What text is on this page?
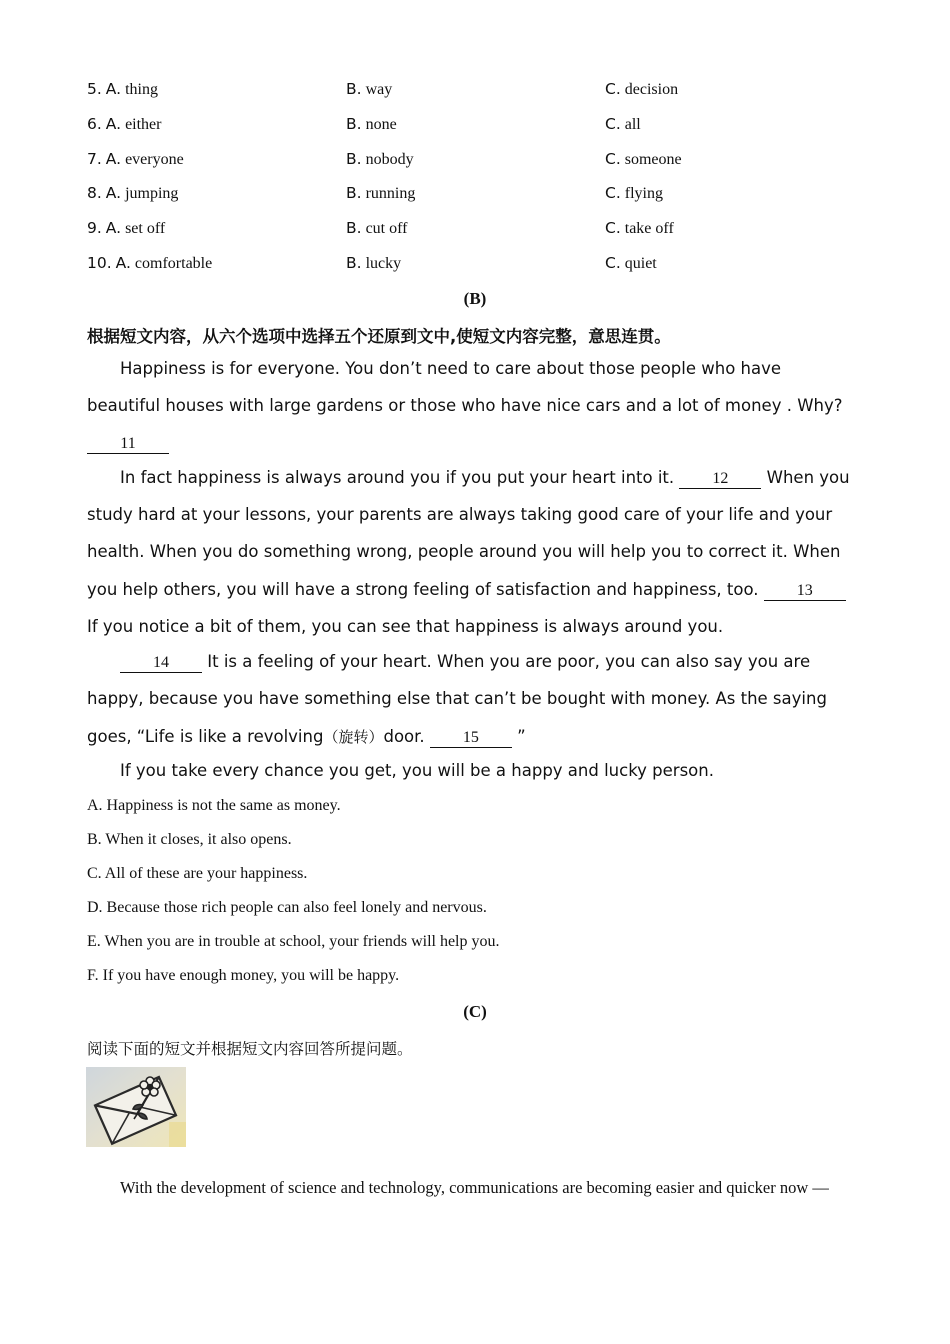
5. A. thing	B. way	C. decision
6. A. either	B. none	C. all
7. A. everyone	B. nobody	C. someone
8. A. jumping	B. running	C. flying
9. A. set off	B. cut off	C. take off
10. A. comfortable	B. lucky	C. quiet
(B)
根据短文内容，从六个选项中选择五个还原到文中,使短文内容完整，意思连贯。
Happiness is for everyone. You don’t need to care about those people who have
beautiful houses with large gardens or those who have nice cars and a lot of money . Why?
11
In fact happiness is always around you if you put your heart into it. 12 When you
study hard at your lessons, your parents are always taking good care of your life and your
health. When you do something wrong, people around you will help you to correct it. When
you help others, you will have a strong feeling of satisfaction and happiness, too. 13
If you notice a bit of them, you can see that happiness is always around you.
14 It is a feeling of your heart. When you are poor, you can also say you are
happy, because you have something else that can’t be bought with money. As the saying
goes, “Life is like a revolving（旋转）door. 15 ”
If you take every chance you get, you will be a happy and lucky person.
A. Happiness is not the same as money.
B. When it closes, it also opens.
C. All of these are your happiness.
D. Because those rich people can also feel lonely and nervous.
E. When you are in trouble at school, your friends will help you.
F. If you have enough money, you will be happy.
(C)
阅读下面的短文并根据短文内容回答所提问题。
With the development of science and technology, communications are becoming easier and quicker now —
